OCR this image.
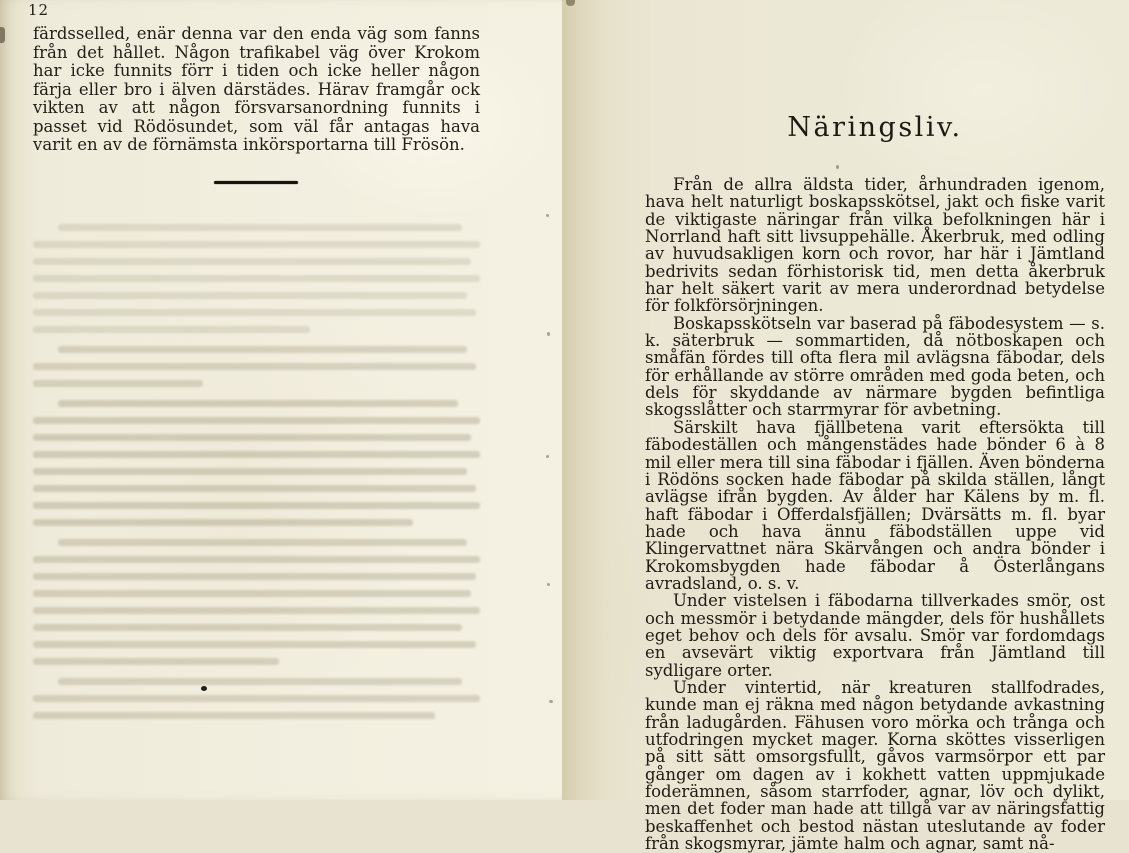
12
färdsselled, enär denna var den enda väg som fanns från det hållet. Någon trafikabel väg över Krokom har icke funnits förr i tiden och icke heller någon färja eller bro i älven därstädes. Härav framgår ock vikten av att någon försvarsanordning funnits i passet vid Rödösundet, som väl får antagas hava varit en av de förnämsta inkörsportarna till Frösön.
Näringsliv.

Från de allra äldsta tider, århundraden igenom, hava helt naturligt boskapsskötsel, jakt och fiske varit de viktigaste näringar från vilka befolkningen här i Norrland haft sitt livsuppehälle. Åkerbruk, med odling av huvudsakligen korn och rovor, har här i Jämtland bedrivits sedan förhistorisk tid, men detta åkerbruk har helt säkert varit av mera underordnad betydelse för folkförsörjningen.

Boskapsskötseln var baserad på fäbodesystem — s. k. säterbruk — sommartiden, då nötboskapen och småfän fördes till ofta flera mil avlägsna fäbodar, dels för erhållande av större områden med goda beten, och dels för skyddande av närmare bygden befintliga skogsslåtter och starrmyrar för avbetning.

Särskilt hava fjällbetena varit eftersökta till fäbodeställen och mångenstädes hade bönder 6 à 8 mil eller mera till sina fäbodar i fjällen. Även bönderna i Rödöns socken hade fäbodar på skilda ställen, långt avlägse ifrån bygden. Av ålder har Kälens by m. fl. haft fäbodar i Offerdalsfjällen; Dvärsätts m. fl. byar hade och hava ännu fäbodställen uppe vid Klingervattnet nära Skärvången och andra bönder i Krokomsbygden hade fäbodar å Österlångans avradsland, o. s. v.

Under vistelsen i fäbodarna tillverkades smör, ost och messmör i betydande mängder, dels för hushållets eget behov och dels för avsalu. Smör var fordomdags en avsevärt viktig exportvara från Jämtland till sydligare orter.

Under vintertid, när kreaturen stallfodrades, kunde man ej räkna med någon betydande avkastning från ladugården. Fähusen voro mörka och trånga och utfodringen mycket mager. Korna sköttes visserligen på sitt sätt omsorgsfullt, gåvos varmsörpor ett par gånger om dagen av i kokhett vatten uppmjukade foderämnen, såsom starrfoder, agnar, löv och dylikt, men det foder man hade att tillgå var av näringsfattig beskaffenhet och bestod nästan uteslutande av foder från skogsmyrar, jämte halm och agnar, samt nå-
